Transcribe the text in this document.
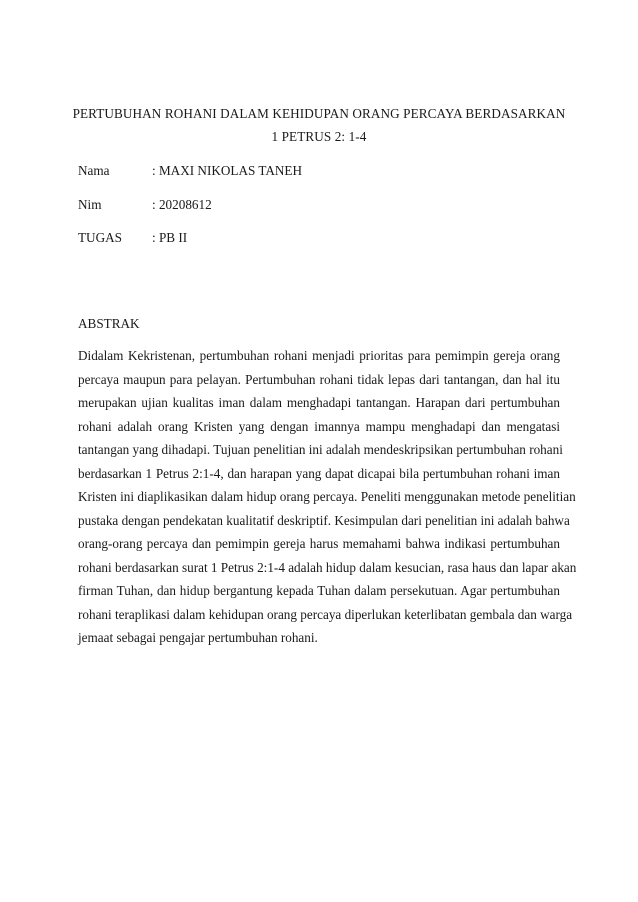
PERTUBUHAN ROHANI DALAM KEHIDUPAN ORANG PERCAYA BERDASARKAN
1 PETRUS 2: 1-4
Nama	: MAXI NIKOLAS TANEH
Nim	: 20208612
TUGAS : PB II
ABSTRAK
Didalam Kekristenan, pertumbuhan rohani menjadi prioritas para pemimpin gereja orang
percaya maupun para pelayan. Pertumbuhan rohani tidak lepas dari tantangan, dan hal itu
merupakan ujian kualitas iman dalam menghadapi tantangan. Harapan dari pertumbuhan
rohani adalah orang Kristen yang dengan imannya mampu menghadapi dan mengatasi
tantangan yang dihadapi. Tujuan penelitian ini adalah mendeskripsikan pertumbuhan rohani
berdasarkan 1 Petrus 2:1-4, dan harapan yang dapat dicapai bila pertumbuhan rohani iman
Kristen ini diaplikasikan dalam hidup orang percaya. Peneliti menggunakan metode penelitian
pustaka dengan pendekatan kualitatif deskriptif. Kesimpulan dari penelitian ini adalah bahwa
orang-orang percaya dan pemimpin gereja harus memahami bahwa indikasi pertumbuhan
rohani berdasarkan surat 1 Petrus 2:1-4 adalah hidup dalam kesucian, rasa haus dan lapar akan
firman Tuhan, dan hidup bergantung kepada Tuhan dalam persekutuan. Agar pertumbuhan
rohani teraplikasi dalam kehidupan orang percaya diperlukan keterlibatan gembala dan warga
jemaat sebagai pengajar pertumbuhan rohani.
